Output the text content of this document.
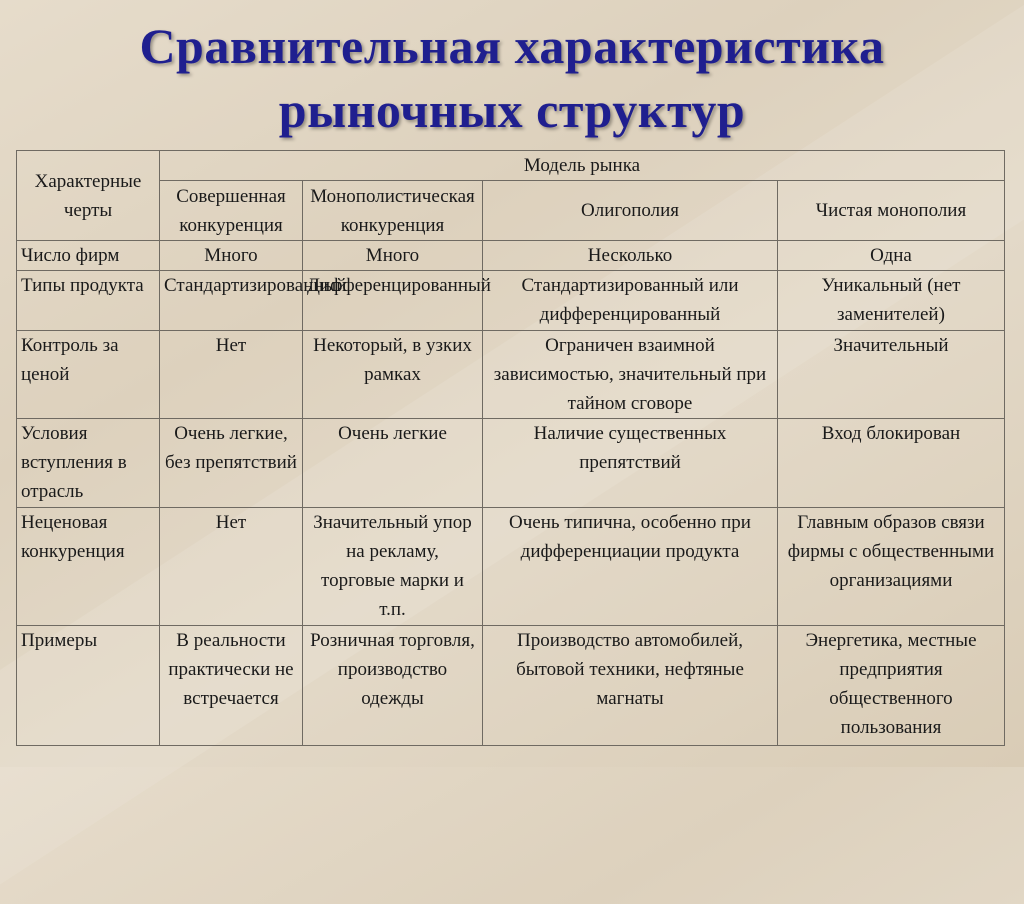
Сравнительная характеристика
рыночных структур
Характерные черты	Модель рынка			
	Совершенная конкуренция	Монополистическая конкуренция	Олигополия	Чистая монополия
Число фирм	Много	Много	Несколько	Одна
Типы продукта	Стандартизированный	Дифференцированный	Стандартизированный или дифференцированный	Уникальный (нет заменителей)
Контроль за ценой	Нет	Некоторый, в узких рамках	Ограничен взаимной зависимостью, значительный при тайном сговоре	Значительный
Условия вступления в отрасль	Очень легкие, без препятствий	Очень легкие	Наличие существенных препятствий	Вход блокирован
Неценовая конкуренция	Нет	Значительный упор на рекламу, торговые марки и т.п.	Очень типична, особенно при дифференциации продукта	Главным образов связи фирмы с общественными организациями
Примеры	В реальности практически не встречается	Розничная торговля, производство одежды	Производство автомобилей, бытовой техники, нефтяные магнаты	Энергетика, местные предприятия общественного пользования
